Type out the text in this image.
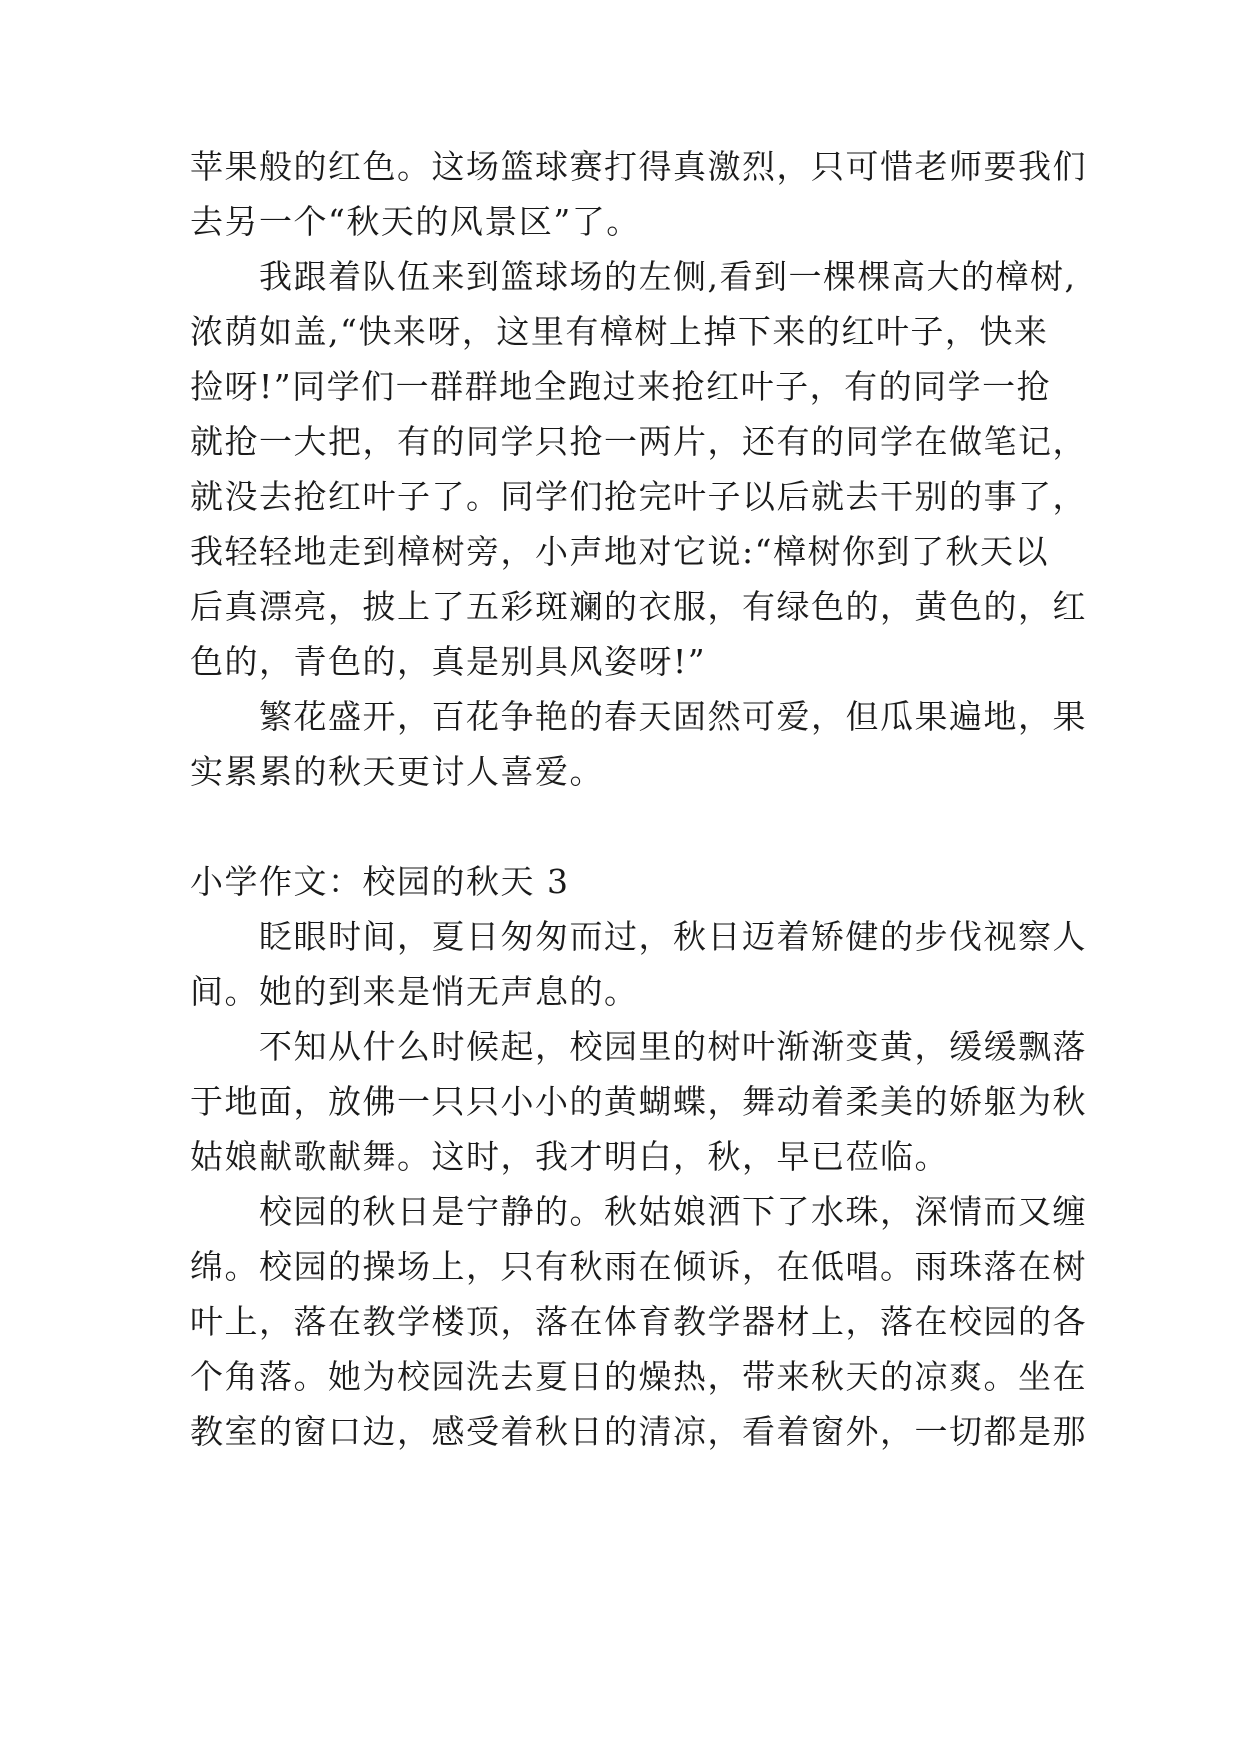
苹果般的红色。这场篮球赛打得真激烈，只可惜老师要我们
去另一个“秋天的风景区”了。
　　我跟着队伍来到篮球场的左侧,看到一棵棵高大的樟树,
浓荫如盖,“快来呀，这里有樟树上掉下来的红叶子，快来
捡呀!”同学们一群群地全跑过来抢红叶子，有的同学一抢
就抢一大把，有的同学只抢一两片，还有的同学在做笔记，
就没去抢红叶子了。同学们抢完叶子以后就去干别的事了，
我轻轻地走到樟树旁，小声地对它说:“樟树你到了秋天以
后真漂亮，披上了五彩斑斓的衣服，有绿色的，黄色的，红
色的，青色的，真是别具风姿呀!”
　　繁花盛开，百花争艳的春天固然可爱，但瓜果遍地，果
实累累的秋天更讨人喜爱。
小学作文：校园的秋天 3
　　眨眼时间，夏日匆匆而过，秋日迈着矫健的步伐视察人
间。她的到来是悄无声息的。
　　不知从什么时候起，校园里的树叶渐渐变黄，缓缓飘落
于地面，放佛一只只小小的黄蝴蝶，舞动着柔美的娇躯为秋
姑娘献歌献舞。这时，我才明白，秋，早已莅临。
　　校园的秋日是宁静的。秋姑娘洒下了水珠，深情而又缠
绵。校园的操场上，只有秋雨在倾诉，在低唱。雨珠落在树
叶上，落在教学楼顶，落在体育教学器材上，落在校园的各
个角落。她为校园洗去夏日的燥热，带来秋天的凉爽。坐在
教室的窗口边，感受着秋日的清凉，看着窗外，一切都是那
